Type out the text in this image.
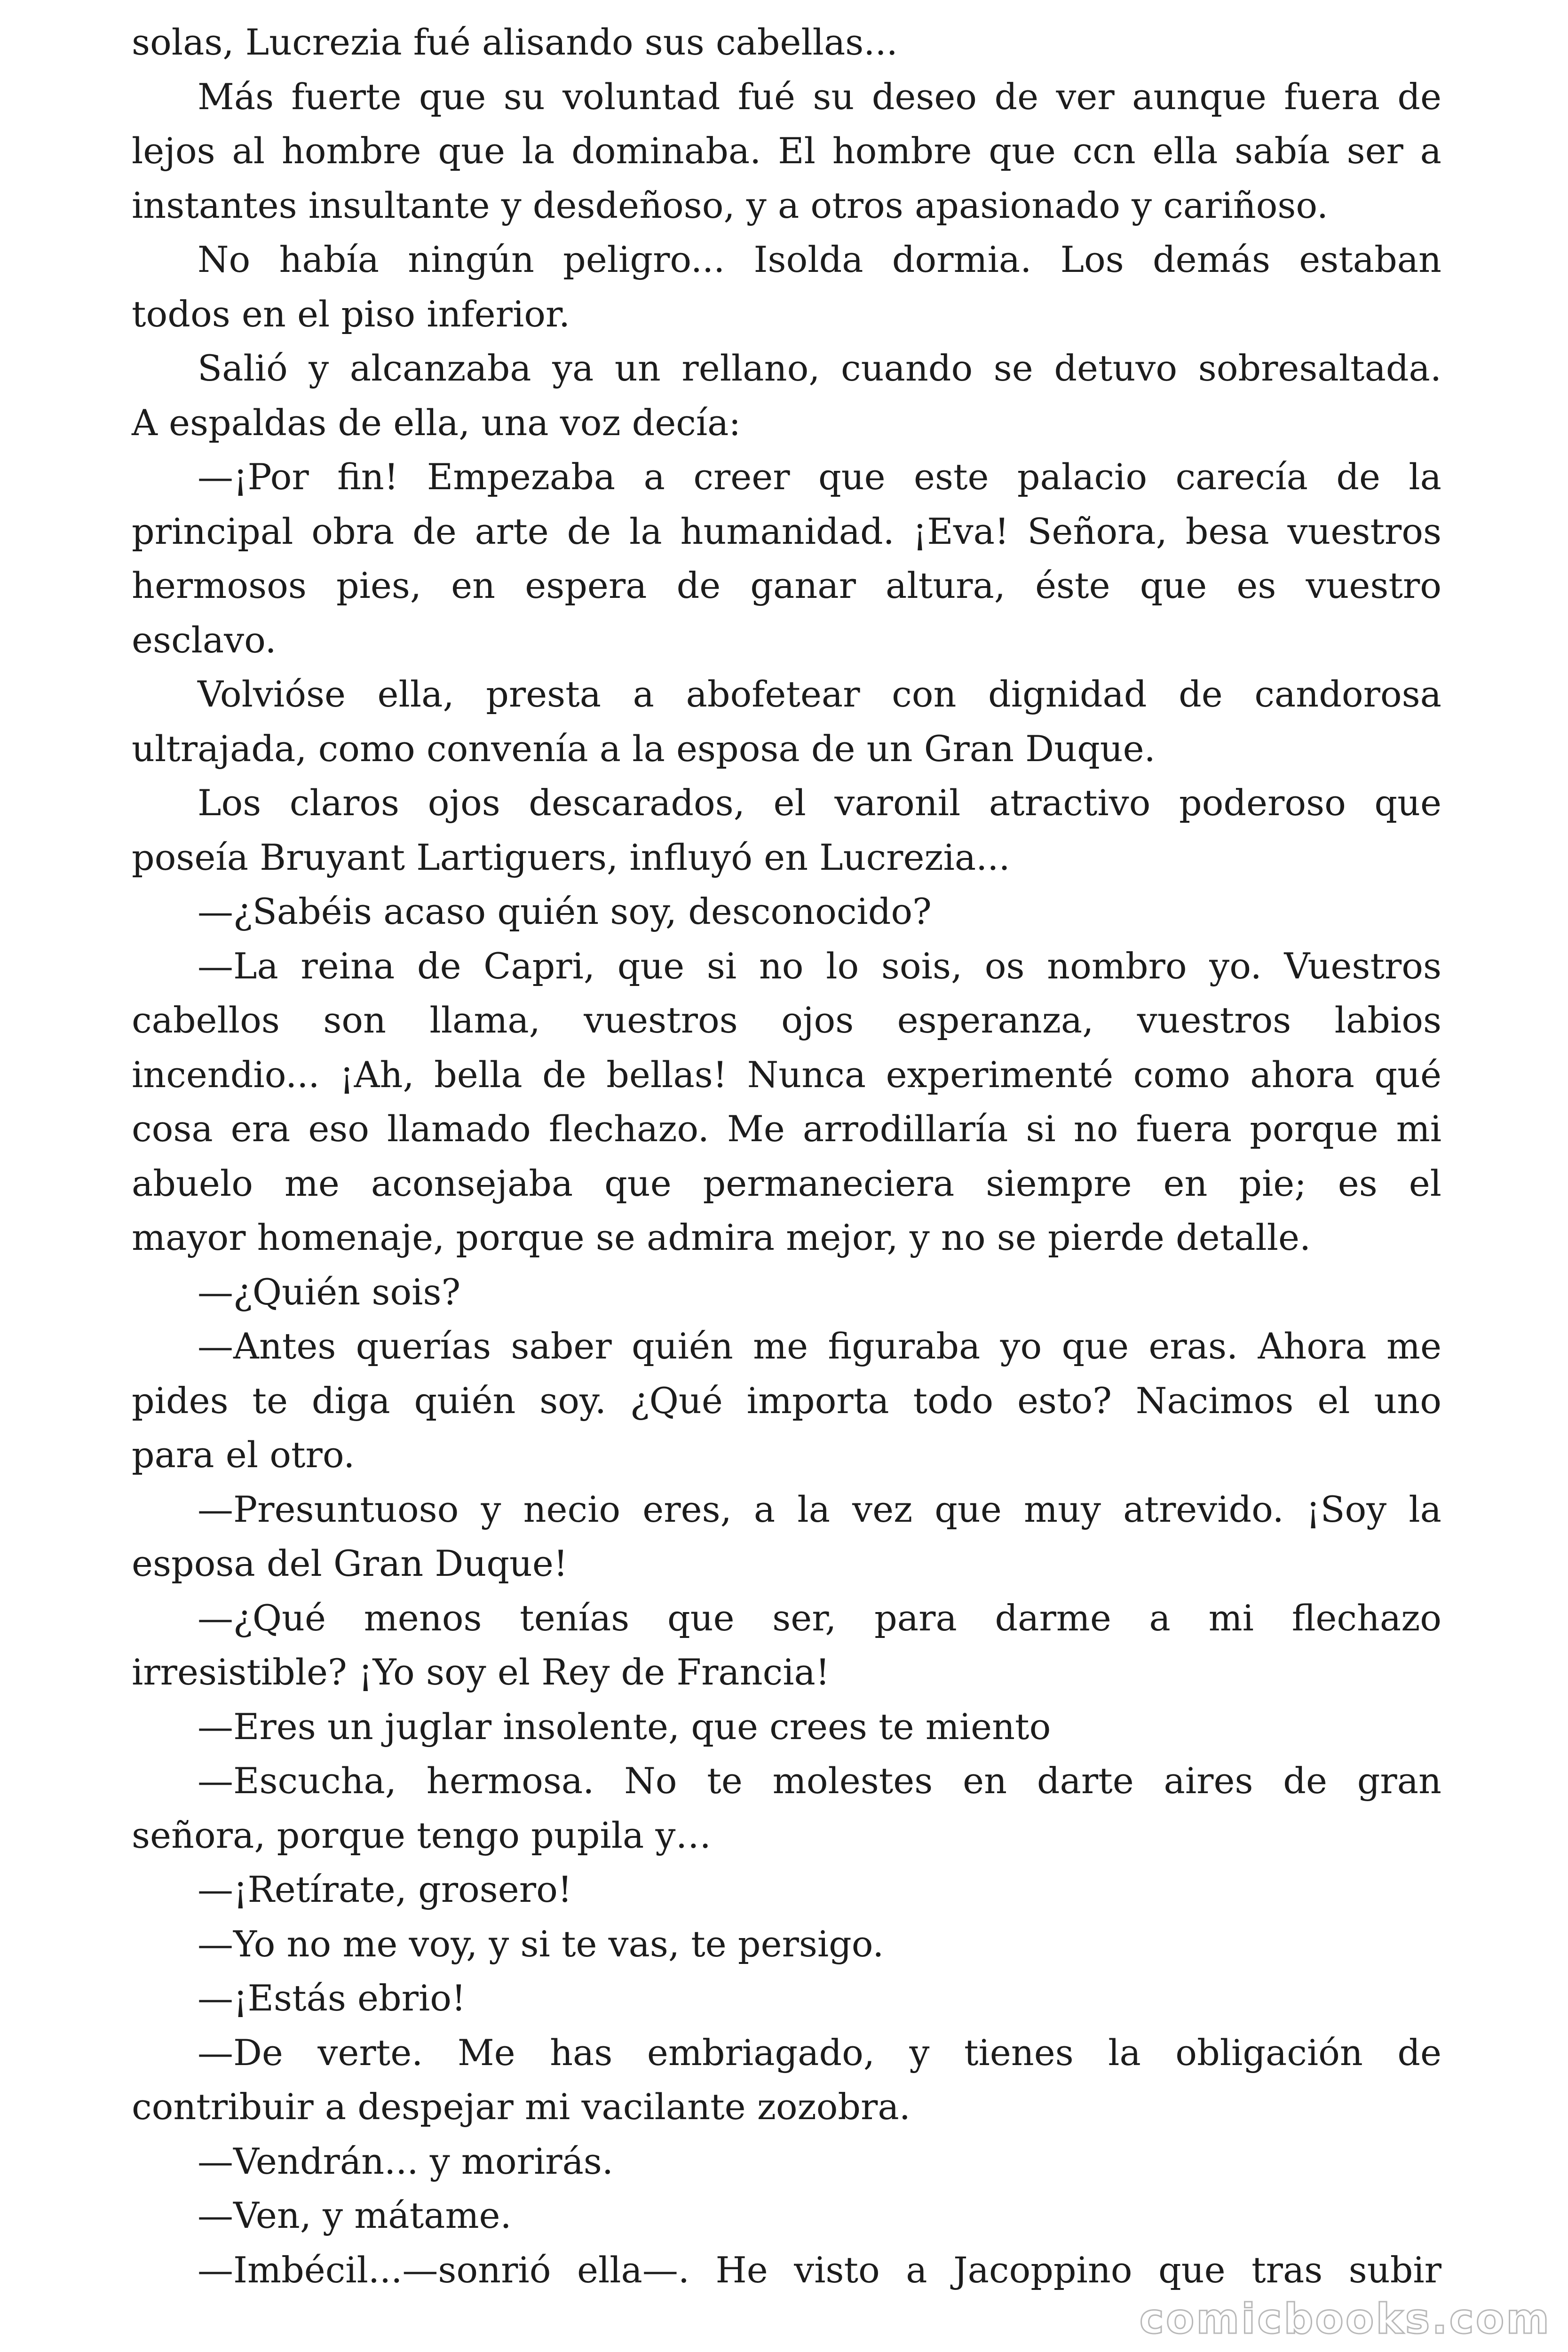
solas, Lucrezia fué alisando sus cabellas...
Más fuerte que su voluntad fué su deseo de ver aunque fuera de
lejos al hombre que la dominaba. El hombre que ccn ella sabía ser a
instantes insultante y desdeñoso, y a otros apasionado y cariñoso.
No había ningún peligro... Isolda dormia. Los demás estaban
todos en el piso inferior.
Salió y alcanzaba ya un rellano, cuando se detuvo sobresaltada.
A espaldas de ella, una voz decía:
—¡Por fin! Empezaba a creer que este palacio carecía de la
principal obra de arte de la humanidad. ¡Eva! Señora, besa vuestros
hermosos pies, en espera de ganar altura, éste que es vuestro
esclavo.
Volvióse ella, presta a abofetear con dignidad de candorosa
ultrajada, como convenía a la esposa de un Gran Duque.
Los claros ojos descarados, el varonil atractivo poderoso que
poseía Bruyant Lartiguers, influyó en Lucrezia...
—¿Sabéis acaso quién soy, desconocido?
—La reina de Capri, que si no lo sois, os nombro yo. Vuestros
cabellos son llama, vuestros ojos esperanza, vuestros labios
incendio... ¡Ah, bella de bellas! Nunca experimenté como ahora qué
cosa era eso llamado flechazo. Me arrodillaría si no fuera porque mi
abuelo me aconsejaba que permaneciera siempre en pie; es el
mayor homenaje, porque se admira mejor, y no se pierde detalle.
—¿Quién sois?
—Antes querías saber quién me figuraba yo que eras. Ahora me
pides te diga quién soy. ¿Qué importa todo esto? Nacimos el uno
para el otro.
—Presuntuoso y necio eres, a la vez que muy atrevido. ¡Soy la
esposa del Gran Duque!
—¿Qué menos tenías que ser, para darme a mi flechazo
irresistible? ¡Yo soy el Rey de Francia!
—Eres un juglar insolente, que crees te miento
—Escucha, hermosa. No te molestes en darte aires de gran
señora, porque tengo pupila y…
—¡Retírate, grosero!
—Yo no me voy, y si te vas, te persigo.
—¡Estás ebrio!
—De verte. Me has embriagado, y tienes la obligación de
contribuir a despejar mi vacilante zozobra.
—Vendrán... y morirás.
—Ven, y mátame.
—Imbécil...—sonrió ella—. He visto a Jacoppino que tras subir
comicbooks.com
